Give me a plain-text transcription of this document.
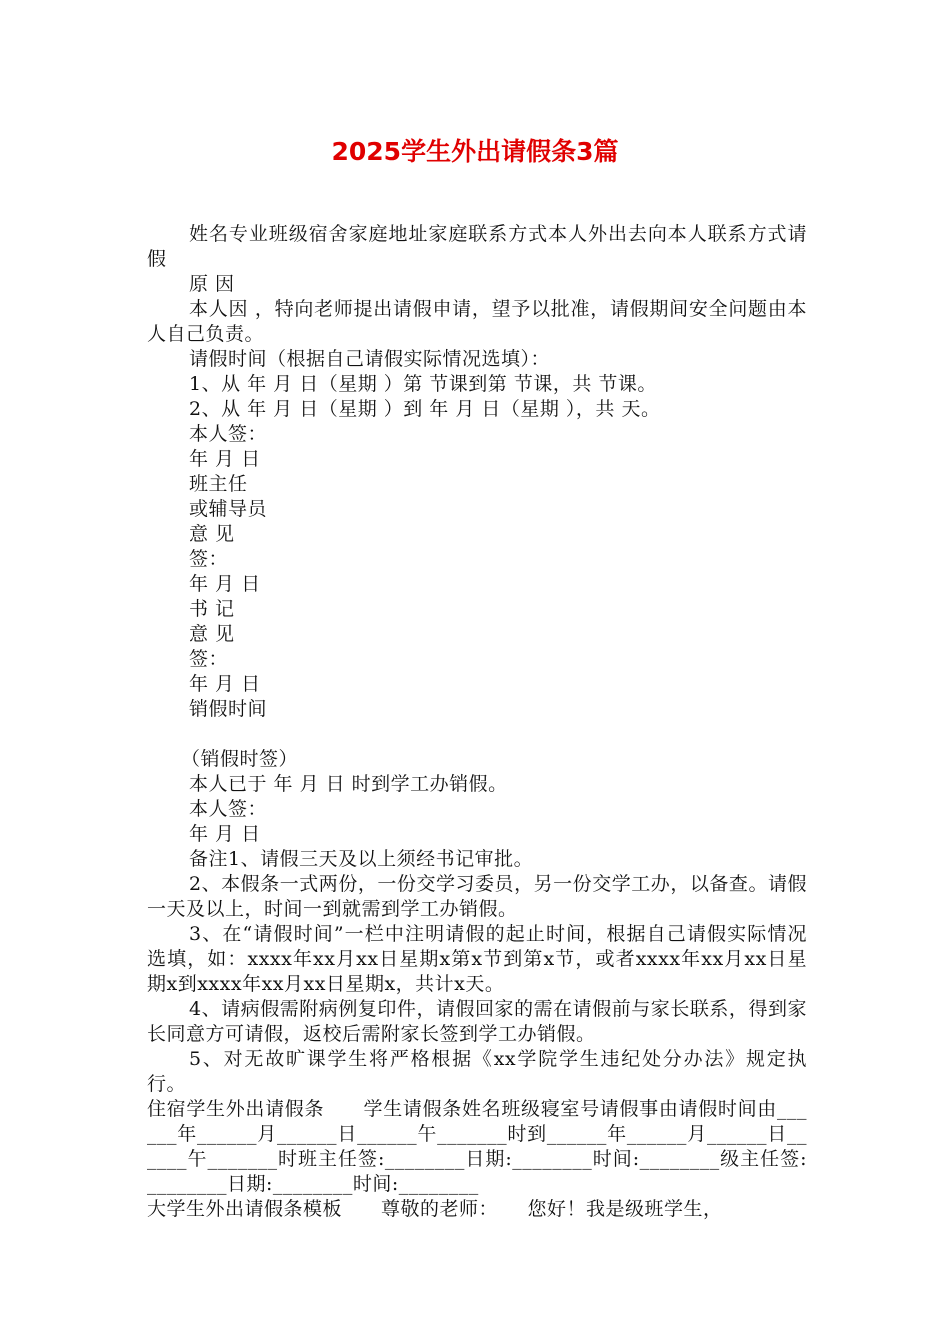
2025学生外出请假条3篇

姓名专业班级宿舍家庭地址家庭联系方式本人外出去向本人联系方式请 假

原 因

本人因 ，特向老师提出请假申请，望予以批准，请假期间安全问题由本人自己负责。

请假时间（根据自己请假实际情况选填）：

1、从 年 月 日（星期 ）第 节课到第 节课，共 节课。

2、从 年 月 日（星期 ）到 年 月 日（星期 ），共 天。

本人签：

年 月 日

班主任

或辅导员

意 见

签：

年 月 日

书 记

意 见

签：

年 月 日

销假时间

（销假时签）

本人已于 年 月 日 时到学工办销假。

本人签：

年 月 日

备注1、请假三天及以上须经书记审批。

2、本假条一式两份，一份交学习委员，另一份交学工办，以备查。请假一天及以上，时间一到就需到学工办销假。

3、在“请假时间”一栏中注明请假的起止时间，根据自己请假实际情况选填，如：xxxx年xx月xx日星期x第x节到第x节，或者xxxx年xx月xx日星期x到xxxx年xx月xx日星期x，共计x天。

4、请病假需附病例复印件，请假回家的需在请假前与家长联系，得到家长同意方可请假，返校后需附家长签到学工办销假。

5、对无故旷课学生将严格根据《xx学院学生违纪处分办法》规定执行。

住宿学生外出请假条　　学生请假条姓名班级寝室号请假事由请假时间由______年______月______日______午_______时到______年______月______日______午_______时班主任签:________日期:________时间:________级主任签:________日期:________时间:________

大学生外出请假条模板　　尊敬的老师：　　您好！我是级班学生，
